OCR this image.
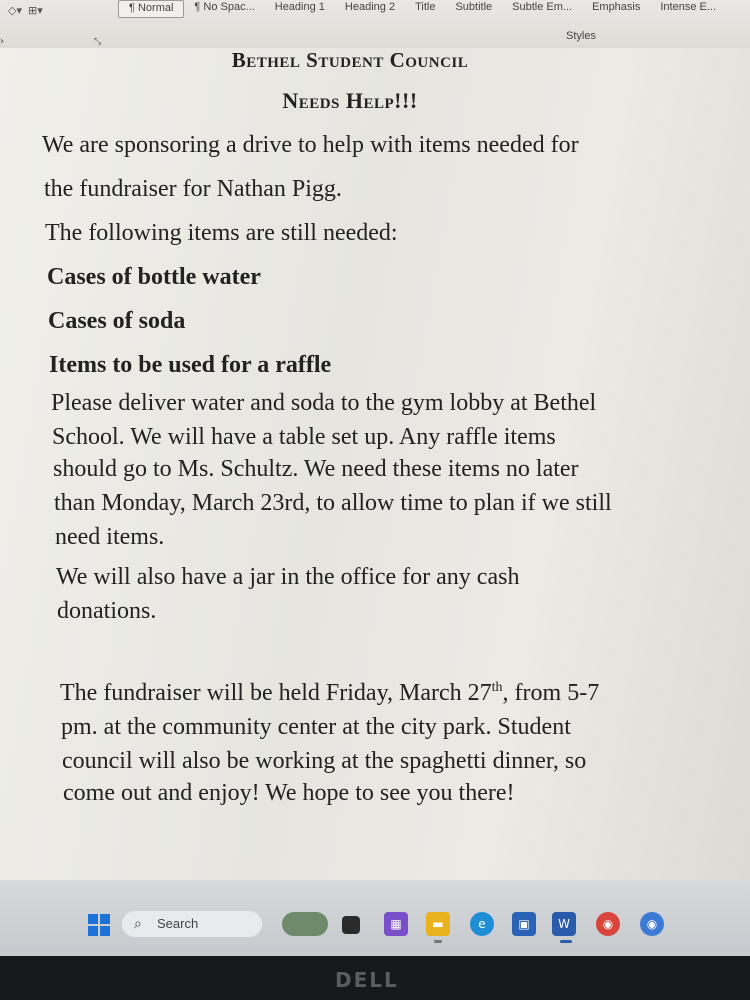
◇▾ ⊞▾	¶ Normal	¶ No Spac...	Heading 1	Heading 2	Title	Subtitle	Subtle Em...	Emphasis	Intense E...
›	⤡	Styles
Bethel Student Council
Needs Help!!!
We are sponsoring a drive to help with items needed for
the fundraiser for Nathan Pigg.
The following items are still needed:
Cases of bottle water
Cases of soda
Items to be used for a raffle
Please deliver water and soda to the gym lobby at Bethel
School. We will have a table set up. Any raffle items
should go to Ms. Schultz. We need these items no later
than Monday, March 23rd, to allow time to plan if we still
need items.
We will also have a jar in the office for any cash
donations.
The fundraiser will be held Friday, March 27th, from 5-7
pm. at the community center at the city park. Student
council will also be working at the spaghetti dinner, so
come out and enjoy! We hope to see you there!
⌕ Search	▦	▬	e	▣	W	◉	◉
DELL
